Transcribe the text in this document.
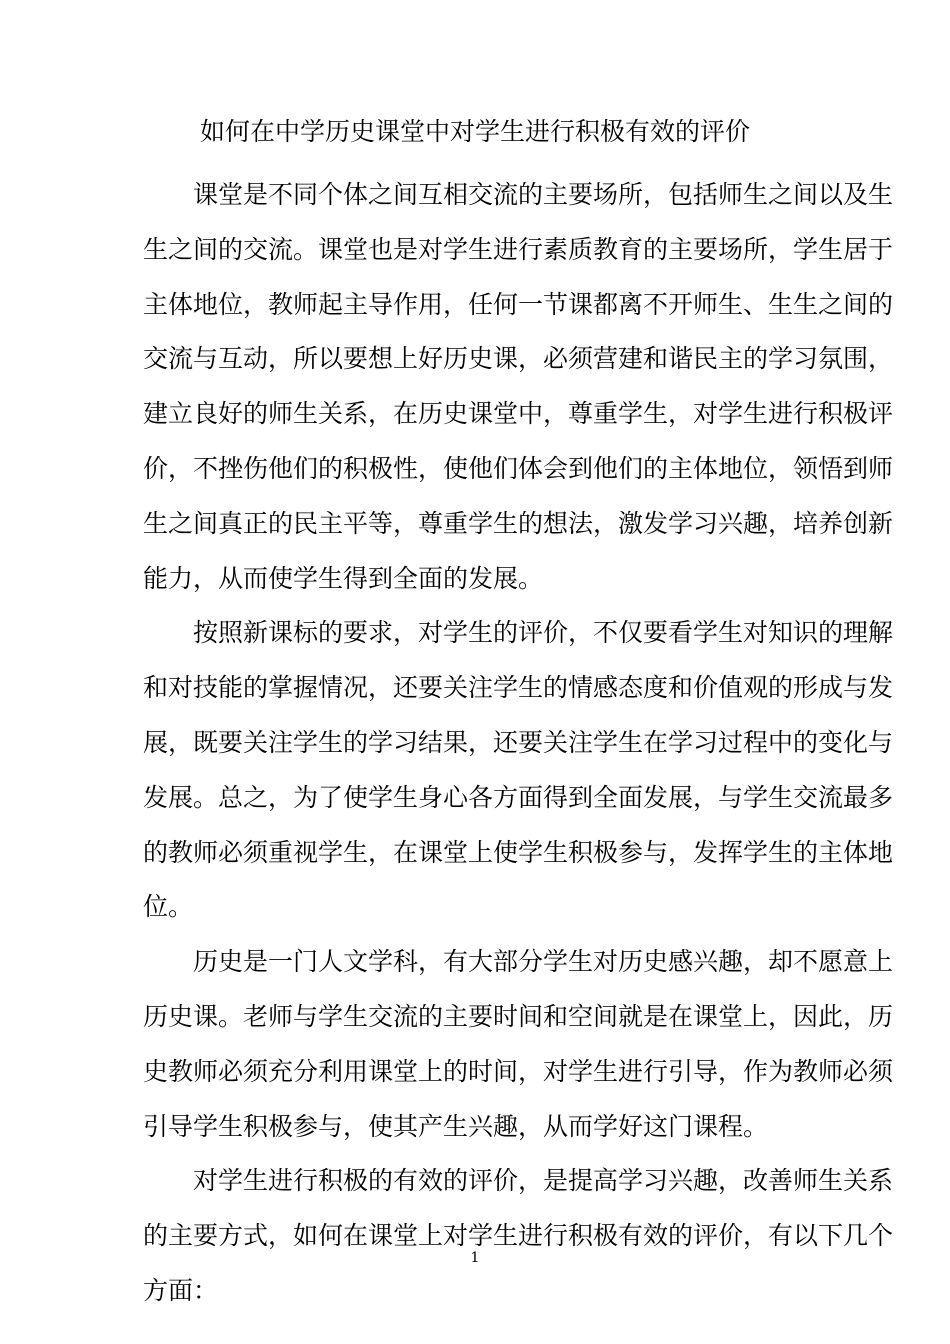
如何在中学历史课堂中对学生进行积极有效的评价
课堂是不同个体之间互相交流的主要场所，包括师生之间以及生
生之间的交流。课堂也是对学生进行素质教育的主要场所，学生居于
主体地位，教师起主导作用，任何一节课都离不开师生、生生之间的
交流与互动，所以要想上好历史课，必须营建和谐民主的学习氛围，
建立良好的师生关系，在历史课堂中，尊重学生，对学生进行积极评
价，不挫伤他们的积极性，使他们体会到他们的主体地位，领悟到师
生之间真正的民主平等，尊重学生的想法，激发学习兴趣，培养创新
能力，从而使学生得到全面的发展。
按照新课标的要求，对学生的评价，不仅要看学生对知识的理解
和对技能的掌握情况，还要关注学生的情感态度和价值观的形成与发
展，既要关注学生的学习结果，还要关注学生在学习过程中的变化与
发展。总之，为了使学生身心各方面得到全面发展，与学生交流最多
的教师必须重视学生，在课堂上使学生积极参与，发挥学生的主体地
位。
历史是一门人文学科，有大部分学生对历史感兴趣，却不愿意上
历史课。老师与学生交流的主要时间和空间就是在课堂上，因此，历
史教师必须充分利用课堂上的时间，对学生进行引导，作为教师必须
引导学生积极参与，使其产生兴趣，从而学好这门课程。
对学生进行积极的有效的评价，是提高学习兴趣，改善师生关系
的主要方式，如何在课堂上对学生进行积极有效的评价，有以下几个
方面：
1
